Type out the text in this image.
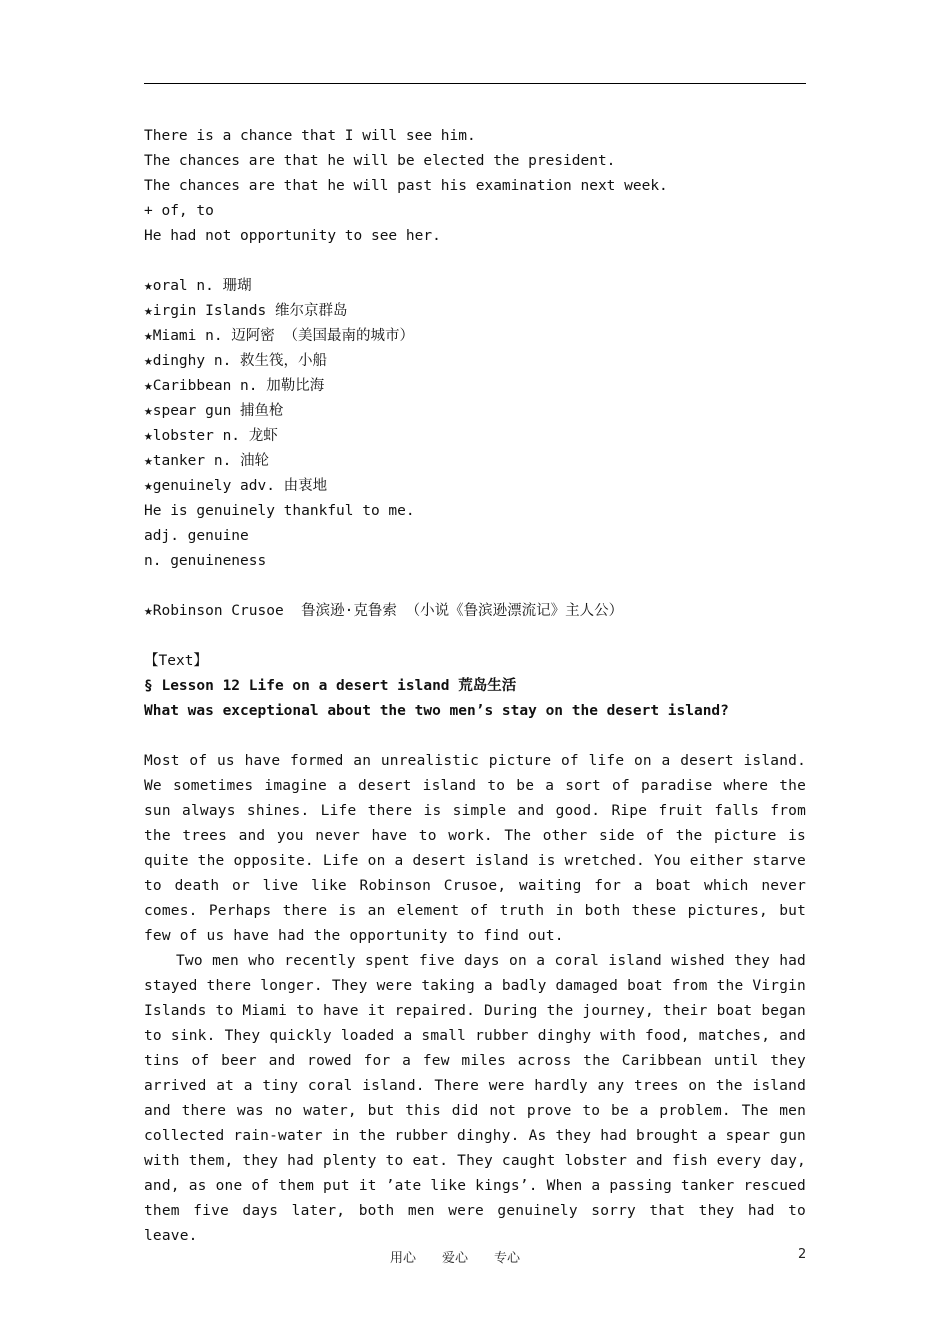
There is a chance that I will see him.
The chances are that he will be elected the president.
The chances are that he will past his examination next week.
+ of, to
He had not opportunity to see her.
★oral n. 珊瑚
★irgin Islands 维尔京群岛
★Miami n. 迈阿密 （美国最南的城市）
★dinghy n. 救生筏，小船
★Caribbean n. 加勒比海
★spear gun 捕鱼枪
★lobster n. 龙虾
★tanker n. 油轮
★genuinely adv. 由衷地
He is genuinely thankful to me.
adj. genuine
n. genuineness
★Robinson Crusoe  鲁滨逊·克鲁索 （小说《鲁滨逊漂流记》主人公）
【Text】
§ Lesson 12 Life on a desert island 荒岛生活
What was exceptional about the two men’s stay on the desert island?
Most of us have formed an unrealistic picture of life on a desert island. We sometimes imagine a desert island to be a sort of paradise where the sun always shines. Life there is simple and good. Ripe fruit falls from the trees and you never have to work. The other side of the picture is quite the opposite. Life on a desert island is wretched. You either starve to death or live like Robinson Crusoe, waiting for a boat which never comes. Perhaps there is an element of truth in both these pictures, but few of us have had the opportunity to find out.
Two men who recently spent five days on a coral island wished they had stayed there longer. They were taking a badly damaged boat from the Virgin Islands to Miami to have it repaired. During the journey, their boat began to sink. They quickly loaded a small rubber dinghy with food, matches, and tins of beer and rowed for a few miles across the Caribbean until they arrived at a tiny coral island. There were hardly any trees on the island and there was no water, but this did not prove to be a problem. The men collected rain-water in the rubber dinghy. As they had brought a spear gun with them, they had plenty to eat. They caught lobster and fish every day, and, as one of them put it ’ate like kings’. When a passing tanker rescued them five days later, both men were genuinely sorry that they had to leave.
用心　　爱心　　专心	2
